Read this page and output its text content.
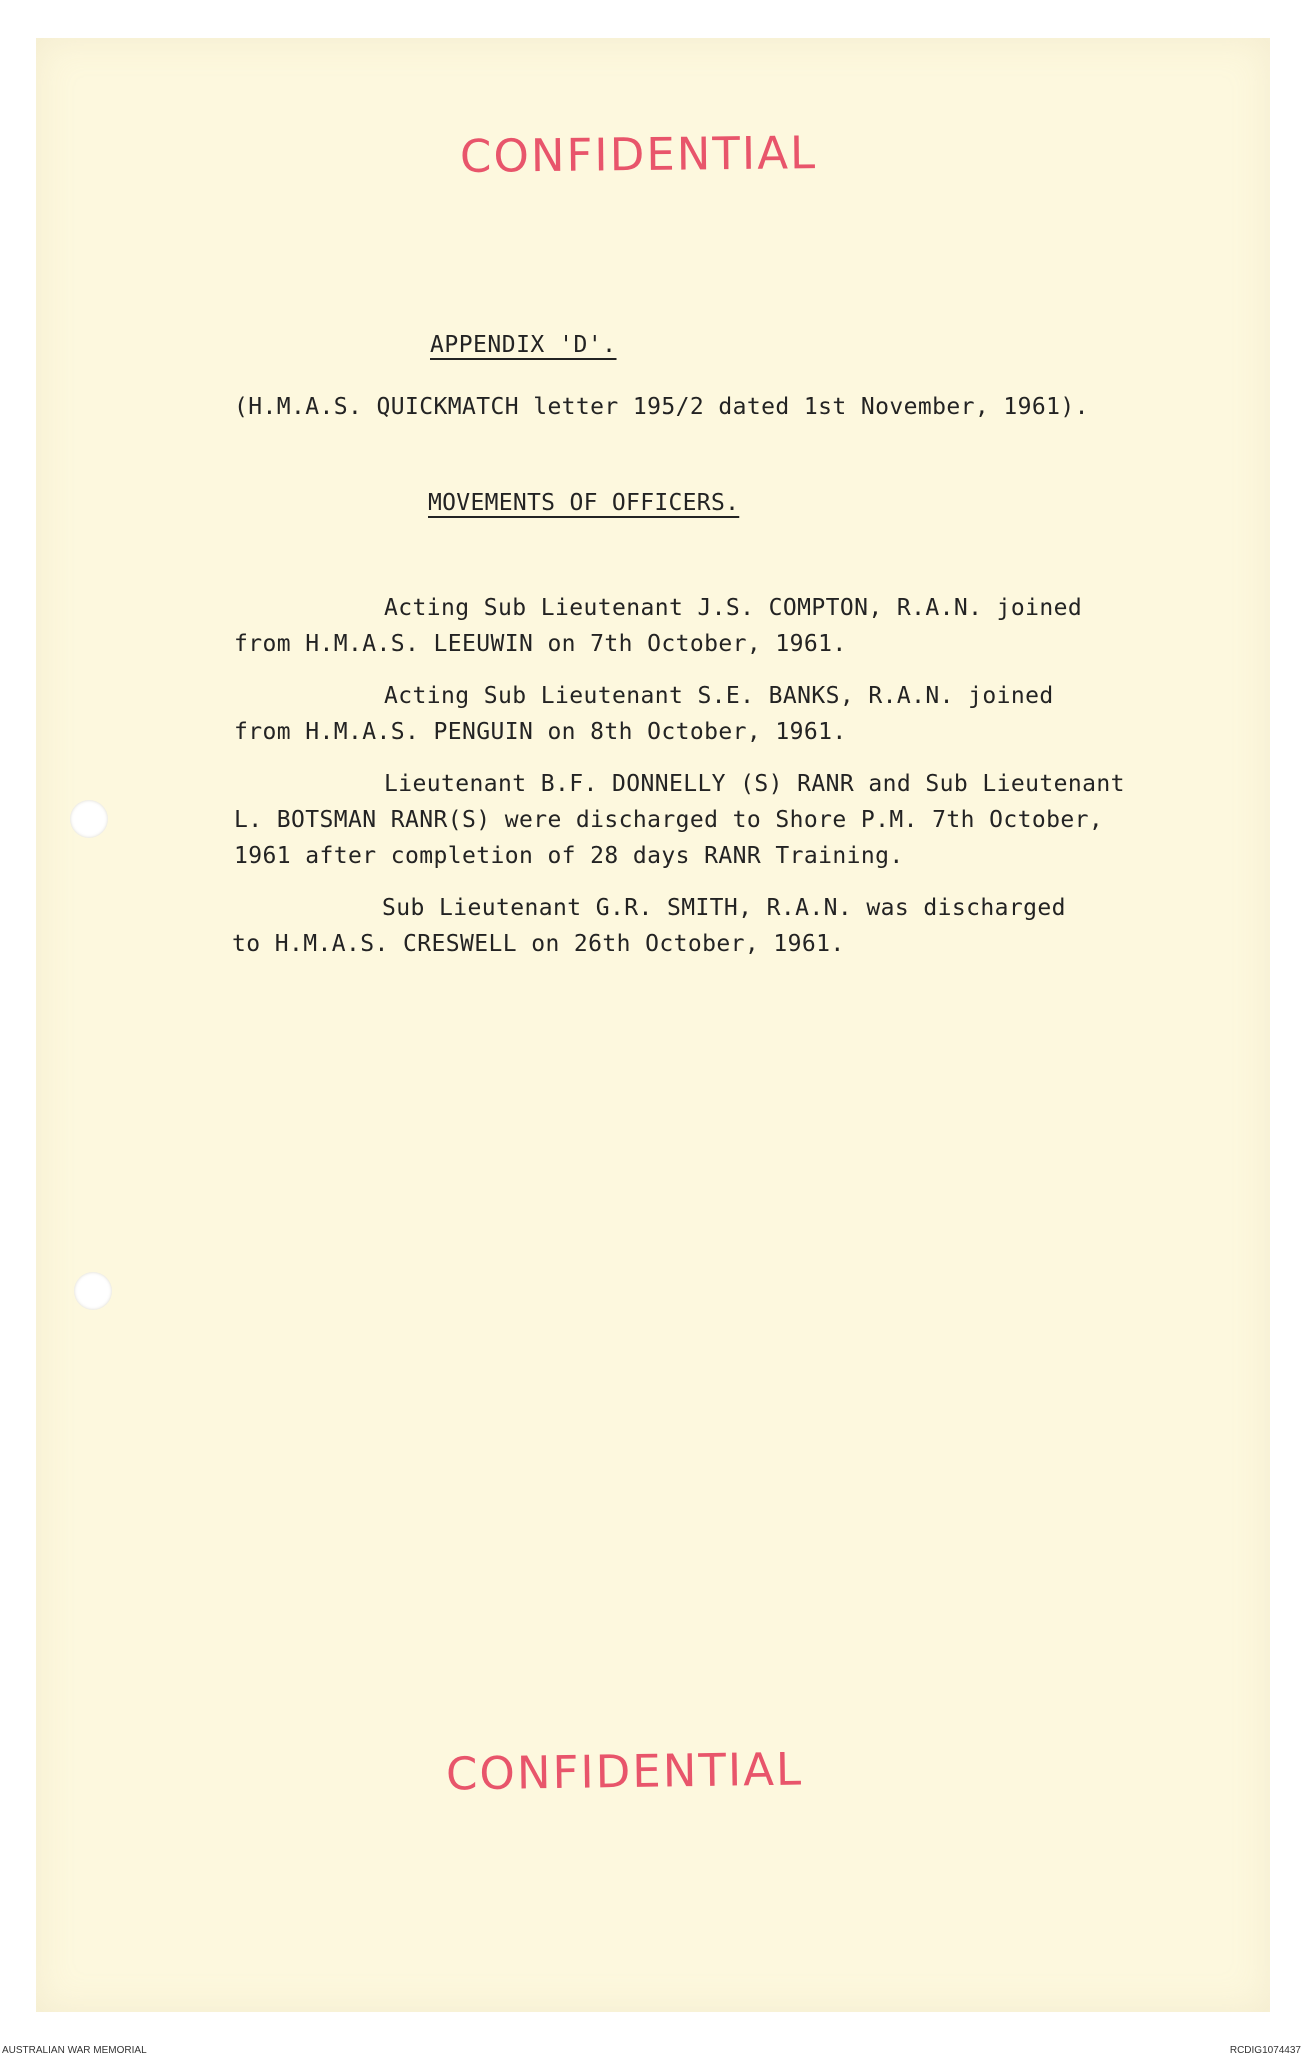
CONFIDENTIAL
APPENDIX 'D'.
(H.M.A.S. QUICKMATCH letter 195/2 dated 1st November, 1961).
MOVEMENTS OF OFFICERS.
Acting Sub Lieutenant J.S. COMPTON, R.A.N. joined
from H.M.A.S. LEEUWIN on 7th October, 1961.
Acting Sub Lieutenant S.E. BANKS, R.A.N. joined
from H.M.A.S. PENGUIN on 8th October, 1961.
Lieutenant B.F. DONNELLY (S) RANR and Sub Lieutenant
L. BOTSMAN RANR(S) were discharged to Shore P.M. 7th October,
1961 after completion of 28 days RANR Training.
Sub Lieutenant G.R. SMITH, R.A.N. was discharged
to H.M.A.S. CRESWELL on 26th October, 1961.
CONFIDENTIAL
AUSTRALIAN WAR MEMORIAL	RCDIG1074437
